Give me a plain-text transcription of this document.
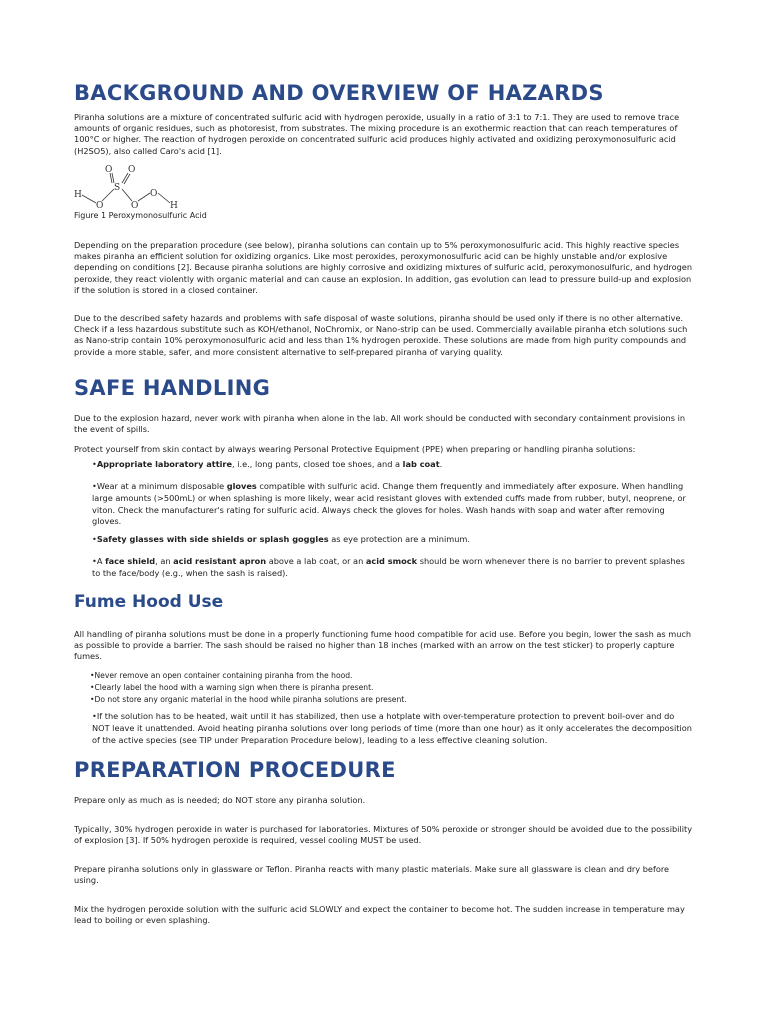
BACKGROUND AND OVERVIEW OF HAZARDS

Piranha solutions are a mixture of concentrated sulfuric acid with hydrogen peroxide, usually in a ratio of 3:1 to 7:1. They are used to remove trace amounts of organic residues, such as photoresist, from substrates. The mixing procedure is an exothermic reaction that can reach temperatures of 100°C or higher. The reaction of hydrogen peroxide on concentrated sulfuric acid produces highly activated and oxidizing peroxymonosulfuric acid (H2SO5), also called Caro's acid [1].

H
O
S
O O
O
O
H
Figure 1 Peroxymonosulfuric Acid

Depending on the preparation procedure (see below), piranha solutions can contain up to 5% peroxymonosulfuric acid. This highly reactive species makes piranha an efficient solution for oxidizing organics. Like most peroxides, peroxymonosulfuric acid can be highly unstable and/or explosive depending on conditions [2]. Because piranha solutions are highly corrosive and oxidizing mixtures of sulfuric acid, peroxymonosulfuric, and hydrogen peroxide, they react violently with organic material and can cause an explosion. In addition, gas evolution can lead to pressure build-up and explosion if the solution is stored in a closed container.

Due to the described safety hazards and problems with safe disposal of waste solutions, piranha should be used only if there is no other alternative. Check if a less hazardous substitute such as KOH/ethanol, NoChromix, or Nano-strip can be used. Commercially available piranha etch solutions such as Nano-strip contain 10% peroxymonosulfuric acid and less than 1% hydrogen peroxide. These solutions are made from high purity compounds and provide a more stable, safer, and more consistent alternative to self-prepared piranha of varying quality.

SAFE HANDLING

Due to the explosion hazard, never work with piranha when alone in the lab. All work should be conducted with secondary containment provisions in the event of spills.

Protect yourself from skin contact by always wearing Personal Protective Equipment (PPE) when preparing or handling piranha solutions:

•Appropriate laboratory attire, i.e., long pants, closed toe shoes, and a lab coat.
•Wear at a minimum disposable gloves compatible with sulfuric acid. Change them frequently and immediately after exposure. When handling large amounts (>500mL) or when splashing is more likely, wear acid resistant gloves with extended cuffs made from rubber, butyl, neoprene, or viton. Check the manufacturer's rating for sulfuric acid. Always check the gloves for holes. Wash hands with soap and water after removing gloves.
•Safety glasses with side shields or splash goggles as eye protection are a minimum.
•A face shield, an acid resistant apron above a lab coat, or an acid smock should be worn whenever there is no barrier to prevent splashes to the face/body (e.g., when the sash is raised).
Fume Hood Use

All handling of piranha solutions must be done in a properly functioning fume hood compatible for acid use. Before you begin, lower the sash as much as possible to provide a barrier. The sash should be raised no higher than 18 inches (marked with an arrow on the test sticker) to properly capture fumes.

•Never remove an open container containing piranha from the hood.
•Clearly label the hood with a warning sign when there is piranha present.
•Do not store any organic material in the hood while piranha solutions are present.
•If the solution has to be heated, wait until it has stabilized, then use a hotplate with over-temperature protection to prevent boil-over and do NOT leave it unattended. Avoid heating piranha solutions over long periods of time (more than one hour) as it only accelerates the decomposition of the active species (see TIP under Preparation Procedure below), leading to a less effective cleaning solution.
PREPARATION PROCEDURE

Prepare only as much as is needed; do NOT store any piranha solution.

Typically, 30% hydrogen peroxide in water is purchased for laboratories. Mixtures of 50% peroxide or stronger should be avoided due to the possibility of explosion [3]. If 50% hydrogen peroxide is required, vessel cooling MUST be used.

Prepare piranha solutions only in glassware or Teflon. Piranha reacts with many plastic materials. Make sure all glassware is clean and dry before using.

Mix the hydrogen peroxide solution with the sulfuric acid SLOWLY and expect the container to become hot. The sudden increase in temperature may lead to boiling or even splashing.
